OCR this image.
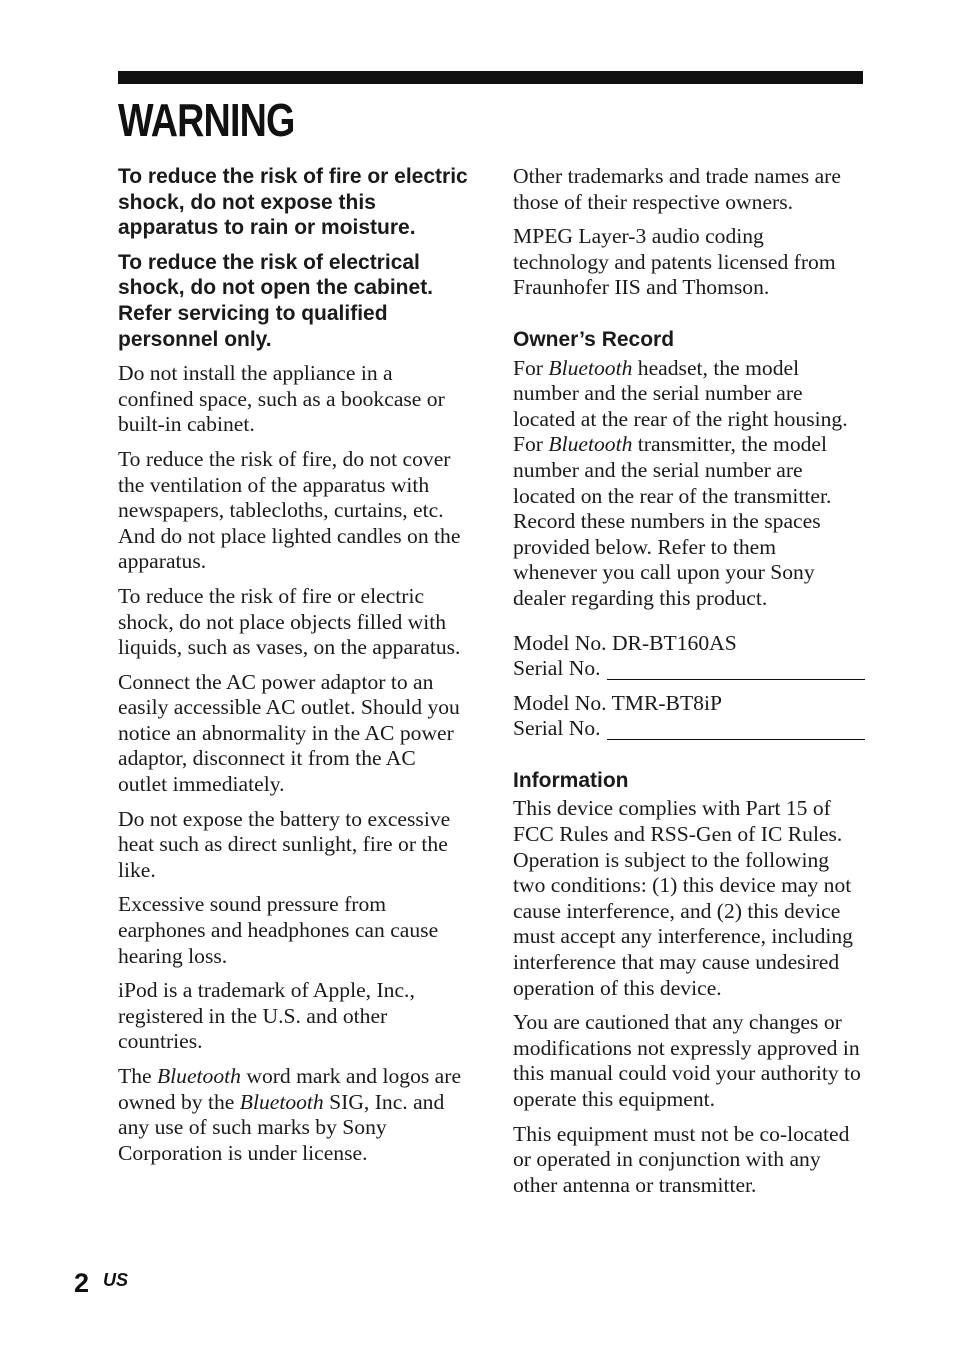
WARNING

To reduce the risk of fire or electric shock, do not expose this apparatus to rain or moisture.

To reduce the risk of electrical shock, do not open the cabinet. Refer servicing to qualified personnel only.

Do not install the appliance in a confined space, such as a bookcase or built-in cabinet.

To reduce the risk of fire, do not cover the ventilation of the apparatus with newspapers, tablecloths, curtains, etc. And do not place lighted candles on the apparatus.

To reduce the risk of fire or electric shock, do not place objects filled with liquids, such as vases, on the apparatus.

Connect the AC power adaptor to an easily accessible AC outlet. Should you notice an abnormality in the AC power adaptor, disconnect it from the AC outlet immediately.

Do not expose the battery to excessive heat such as direct sunlight, fire or the like.

Excessive sound pressure from earphones and headphones can cause hearing loss.

iPod is a trademark of Apple, Inc., registered in the U.S. and other countries.

The Bluetooth word mark and logos are owned by the Bluetooth SIG, Inc. and any use of such marks by Sony Corporation is under license.

Other trademarks and trade names are those of their respective owners.

MPEG Layer-3 audio coding technology and patents licensed from Fraunhofer IIS and Thomson.

Owner’s Record

For Bluetooth headset, the model number and the serial number are located at the rear of the right housing. For Bluetooth transmitter, the model number and the serial number are located on the rear of the transmitter. Record these numbers in the spaces provided below. Refer to them whenever you call upon your Sony dealer regarding this product.

Model No. DR-BT160AS

Serial No.

Model No. TMR-BT8iP

Serial No.

Information

This device complies with Part 15 of FCC Rules and RSS-Gen of IC Rules. Operation is subject to the following two conditions: (1) this device may not cause interference, and (2) this device must accept any interference, including interference that may cause undesired operation of this device.

You are cautioned that any changes or modifications not expressly approved in this manual could void your authority to operate this equipment.

This equipment must not be co-located or operated in conjunction with any other antenna or transmitter.

2 US
